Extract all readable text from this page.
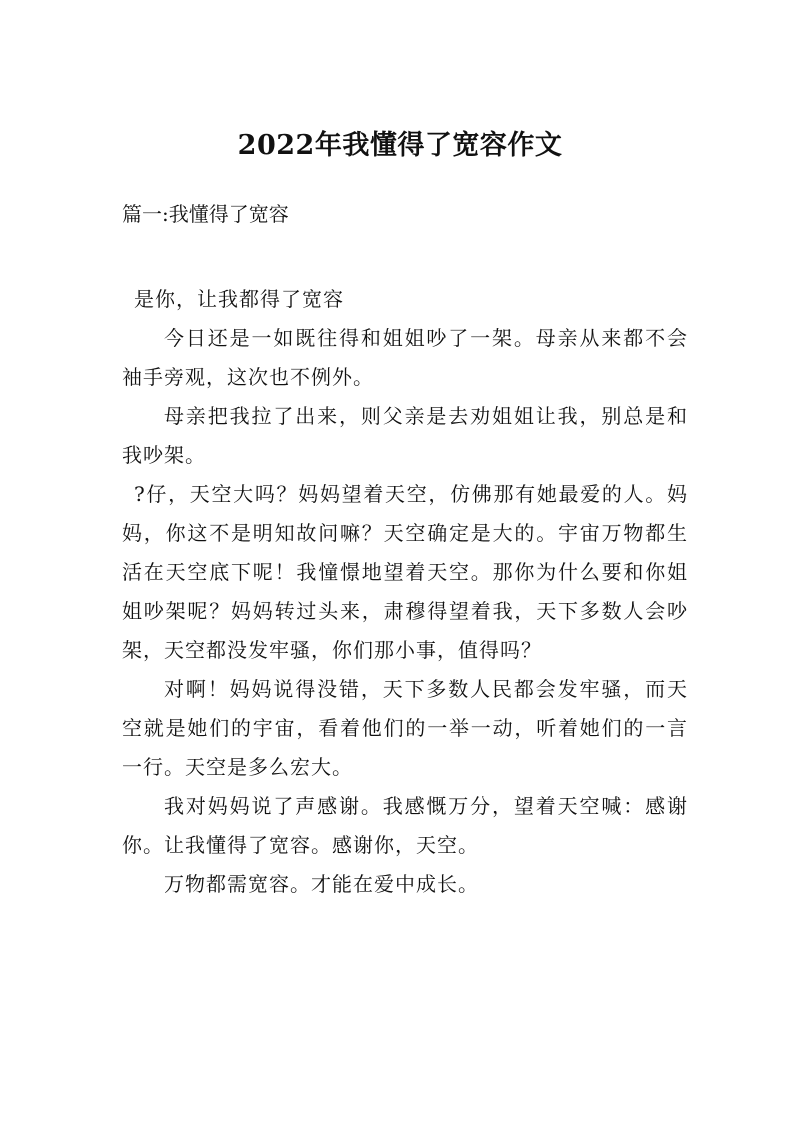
2022年我懂得了宽容作文
篇一:我懂得了宽容

是你，让我都得了宽容

今日还是一如既往得和姐姐吵了一架。母亲从来都不会袖手旁观，这次也不例外。

母亲把我拉了出来，则父亲是去劝姐姐让我，别总是和我吵架。

?仔，天空大吗？妈妈望着天空，仿佛那有她最爱的人。妈妈，你这不是明知故问嘛？天空确定是大的。宇宙万物都生活在天空底下呢！我憧憬地望着天空。那你为什么要和你姐姐吵架呢？妈妈转过头来，肃穆得望着我，天下多数人会吵架，天空都没发牢骚，你们那小事，值得吗？

对啊！妈妈说得没错，天下多数人民都会发牢骚，而天空就是她们的宇宙，看着他们的一举一动，听着她们的一言一行。天空是多么宏大。

我对妈妈说了声感谢。我感慨万分，望着天空喊：感谢你。让我懂得了宽容。感谢你，天空。

万物都需宽容。才能在爱中成长。
